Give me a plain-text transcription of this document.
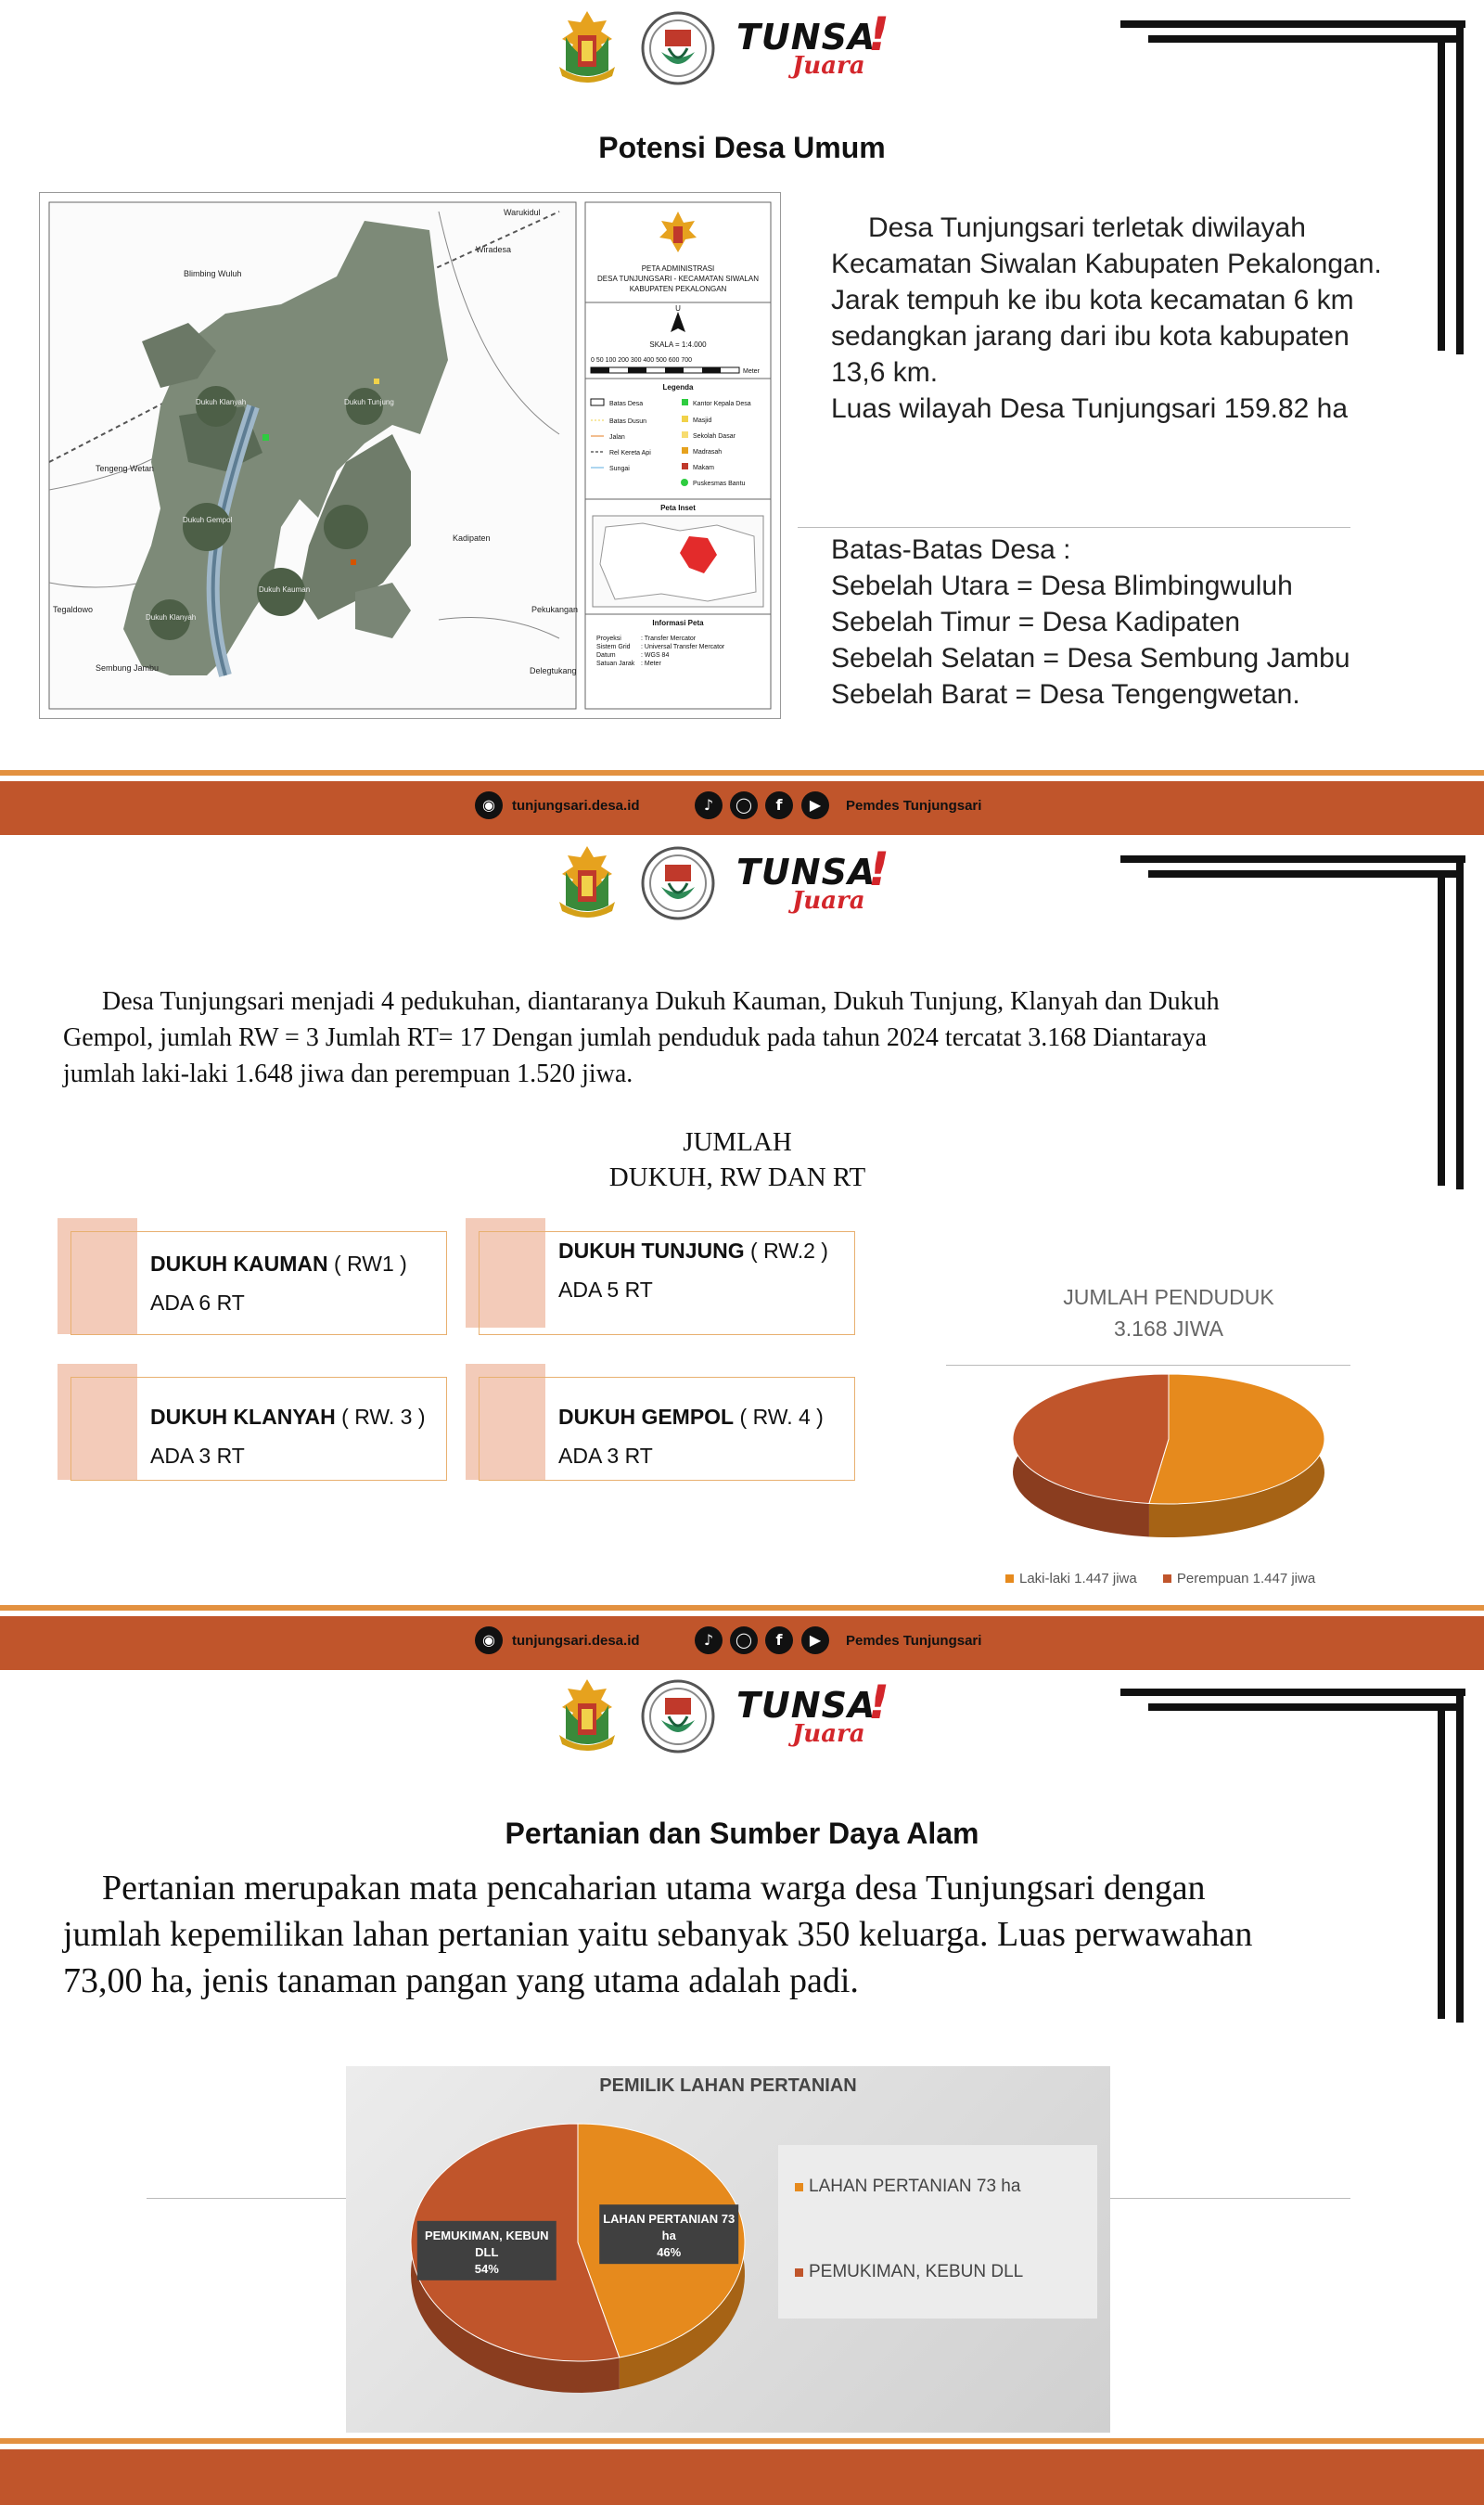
TUNSA
Juara
!
Potensi Desa Umum
Warukidul
Wiradesa
Blimbing Wuluh
Tengeng Wetan
Kadipaten
Tegaldowo	Pekukangan
Sembung Jambu	Delegtukang
Dukuh Klanyah	Dukuh Tunjung
Dukuh Gempol
Dukuh Kauman
Dukuh Klanyah
PETA ADMINISTRASI
DESA TUNJUNGSARI - KECAMATAN SIWALAN
KABUPATEN PEKALONGAN
U
SKALA = 1:4.000
0 50 100 200 300 400 500 600 700
Meter
Legenda
Batas Desa
Batas Dusun
Jalan
Rel Kereta Api
Sungai
Kantor Kepala Desa
Masjid
Sekolah Dasar
Madrasah
Makam
Puskesmas Bantu
Peta Inset
Informasi Peta
Proyeksi	: Transfer Mercator
Sistem Grid : Universal Transfer Mercator
Datum	: WGS 84
Satuan Jarak : Meter
Desa Tunjungsari terletak diwilayah
Kecamatan Siwalan Kabupaten Pekalongan.
Jarak tempuh ke ibu kota kecamatan 6 km
sedangkan jarang dari ibu kota kabupaten
13,6 km.
Luas wilayah Desa Tunjungsari 159.82 ha
Batas-Batas Desa :
Sebelah Utara = Desa Blimbingwuluh
Sebelah Timur = Desa Kadipaten
Sebelah Selatan = Desa Sembung Jambu
Sebelah Barat = Desa Tengengwetan.
◉	tunjungsari.desa.id	♪	◯	f	▶	Pemdes Tunjungsari
TUNSA
Juara
!
Desa Tunjungsari menjadi 4 pedukuhan, diantaranya Dukuh Kauman, Dukuh Tunjung, Klanyah dan Dukuh
Gempol, jumlah RW = 3 Jumlah RT= 17 Dengan jumlah penduduk pada tahun 2024 tercatat 3.168 Diantaraya
jumlah laki-laki 1.648 jiwa dan perempuan 1.520 jiwa.
JUMLAH
DUKUH, RW DAN RT
DUKUH KAUMAN ( RW1 )
ADA 6 RT
DUKUH TUNJUNG ( RW.2 )
ADA 5 RT
DUKUH KLANYAH ( RW. 3 )
ADA 3 RT
DUKUH GEMPOL ( RW. 4 )
ADA 3 RT
JUMLAH PENDUDUK
3.168 JIWA
Laki-laki 1.447 jiwa	Perempuan 1.447 jiwa
◉	tunjungsari.desa.id	♪	◯	f	▶	Pemdes Tunjungsari
TUNSA
Juara
!
Pertanian dan Sumber Daya Alam
Pertanian merupakan mata pencaharian utama warga desa Tunjungsari dengan
jumlah kepemilikan lahan pertanian yaitu sebanyak 350 keluarga. Luas perwawahan
73,00 ha, jenis tanaman pangan yang utama adalah padi.
PEMILIK LAHAN PERTANIAN
LAHAN PERTANIAN 73
ha
46%
PEMUKIMAN, KEBUN
DLL
54%
LAHAN PERTANIAN 73 ha
PEMUKIMAN, KEBUN DLL
